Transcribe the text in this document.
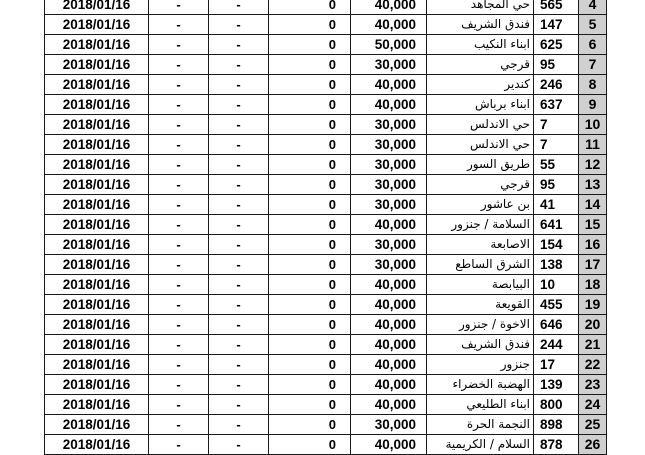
2018/01/16	-	-	0	40,000	حي المجاهد	565	4
2018/01/16	-	-	0	40,000	فندق الشريف	147	5
2018/01/16	-	-	0	50,000	ابناء النكيب	625	6
2018/01/16	-	-	0	30,000	قرجي	95	7
2018/01/16	-	-	0	40,000	كندير	246	8
2018/01/16	-	-	0	40,000	ابناء برباش	637	9
2018/01/16	-	-	0	30,000	حي الاندلس	7	10
2018/01/16	-	-	0	30,000	حي الاندلس	7	11
2018/01/16	-	-	0	30,000	طريق السور	55	12
2018/01/16	-	-	0	30,000	قرجي	95	13
2018/01/16	-	-	0	30,000	بن عاشور	41	14
2018/01/16	-	-	0	40,000	السلامة / جنزور	641	15
2018/01/16	-	-	0	30,000	الاصابعة	154	16
2018/01/16	-	-	0	30,000	الشرق الساطع	138	17
2018/01/16	-	-	0	40,000	البيابصة	10	18
2018/01/16	-	-	0	40,000	القويعة	455	19
2018/01/16	-	-	0	40,000	الاخوة / جنزور	646	20
2018/01/16	-	-	0	40,000	فندق الشريف	244	21
2018/01/16	-	-	0	40,000	جنزور	17	22
2018/01/16	-	-	0	40,000	الهضبة الخضراء	139	23
2018/01/16	-	-	0	40,000	ابناء الطليعي	800	24
2018/01/16	-	-	0	30,000	النجمة الحرة	898	25
2018/01/16	-	-	0	40,000	السلام / الكريمية	878	26
